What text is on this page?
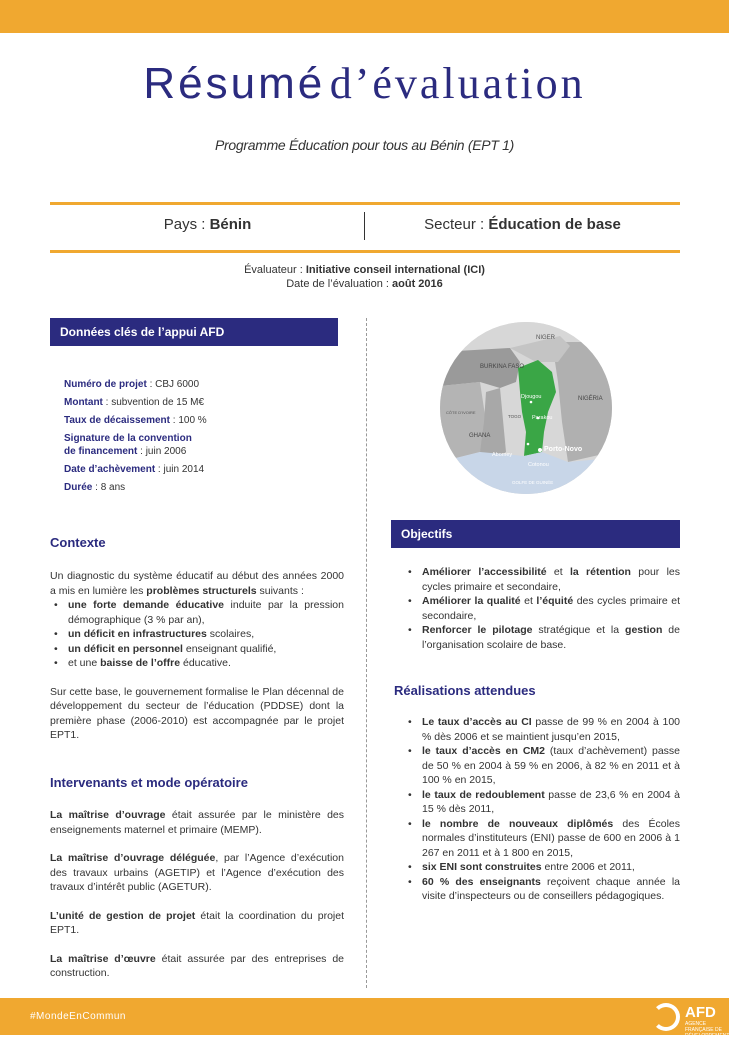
Résumé d’évaluation
Programme Éducation pour tous au Bénin (EPT 1)
Pays : Bénin	Secteur : Éducation de base
Évaluateur : Initiative conseil international (ICI)
Date de l’évaluation : août 2016
Données clés de l’appui AFD
Numéro de projet : CBJ 6000
Montant : subvention de 15 M€
Taux de décaissement : 100 %
Signature de la convention
de financement : juin 2006
Date d’achèvement : juin 2014
Durée : 8 ans
Contexte
Un diagnostic du système éducatif au début des années 2000 a mis en lumière les problèmes structurels suivants :
• une forte demande éducative induite par la pression démographique (3 % par an),
• un déficit en infrastructures scolaires,
• un déficit en personnel enseignant qualifié,
• et une baisse de l’offre éducative.
Sur cette base, le gouvernement formalise le Plan décennal de développement du secteur de l’éducation (PDDSE) dont la première phase (2006-2010) est accompagnée par le projet EPT1.
Intervenants et mode opératoire
La maîtrise d’ouvrage était assurée par le ministère des enseignements maternel et primaire (MEMP).
La maîtrise d’ouvrage déléguée, par l’Agence d’exécution des travaux urbains (AGETIP) et l’Agence d’exécution des travaux d’intérêt public (AGETUR).
L’unité de gestion de projet était la coordination du projet EPT1.
La maîtrise d’œuvre était assurée par des entreprises de construction.
NIGER
BURKINA FASO
NIGÉRIA
CÔTE D’IVOIRE
TOGO
GHANA
Djougou
Parakou
Porto-Novo
Abomey
Cotonou
GOLFE DE GUINÉE
Objectifs
• Améliorer l’accessibilité et la rétention pour les cycles primaire et secondaire,
• Améliorer la qualité et l’équité des cycles primaire et secondaire,
• Renforcer le pilotage stratégique et la gestion de l’organisation scolaire de base.
Réalisations attendues
• Le taux d’accès au CI passe de 99 % en 2004 à 100 % dès 2006 et se maintient jusqu’en 2015,
• le taux d’accès en CM2 (taux d’achèvement) passe de 50 % en 2004 à 59 % en 2006, à 82 % en 2011 et à 100 % en 2015,
• le taux de redoublement passe de 23,6 % en 2004 à 15 % dès 2011,
• le nombre de nouveaux diplômés des Écoles normales d’instituteurs (ENI) passe de 600 en 2006 à 1 267 en 2011 et à 1 800 en 2015,
• six ENI sont construites entre 2006 et 2011,
• 60 % des enseignants reçoivent chaque année la visite d’inspecteurs ou de conseillers pédagogiques.
#MondeEnCommun	AFD
AGENCE FRANÇAISE DE DÉVELOPPEMENT
